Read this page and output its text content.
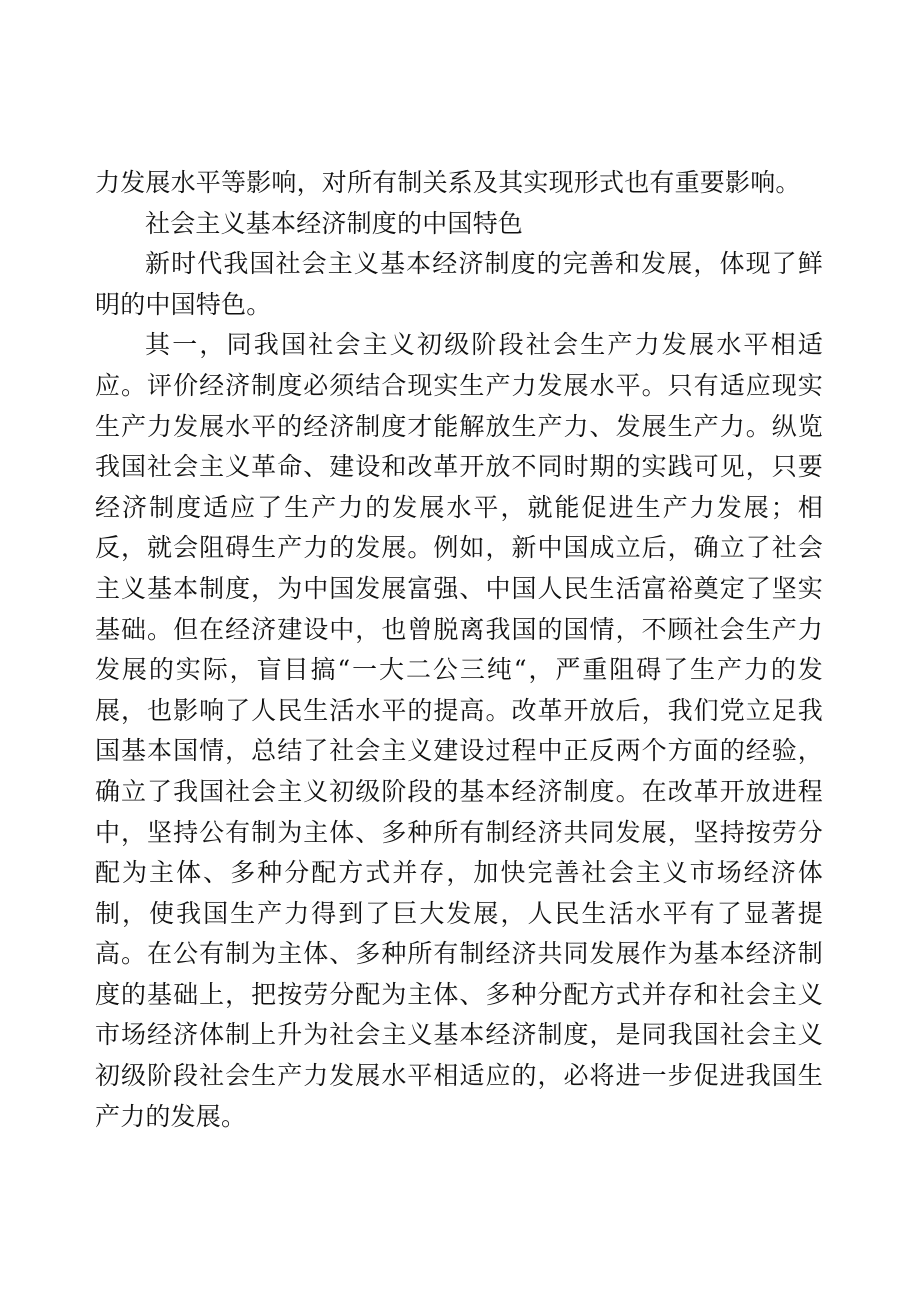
力发展水平等影响，对所有制关系及其实现形式也有重要影响。

社会主义基本经济制度的中国特色

新时代我国社会主义基本经济制度的完善和发展，体现了鲜明的中国特色。

其一，同我国社会主义初级阶段社会生产力发展水平相适应。评价经济制度必须结合现实生产力发展水平。只有适应现实生产力发展水平的经济制度才能解放生产力、发展生产力。纵览我国社会主义革命、建设和改革开放不同时期的实践可见，只要经济制度适应了生产力的发展水平，就能促进生产力发展；相反，就会阻碍生产力的发展。例如，新中国成立后，确立了社会主义基本制度，为中国发展富强、中国人民生活富裕奠定了坚实基础。但在经济建设中，也曾脱离我国的国情，不顾社会生产力发展的实际，盲目搞“一大二公三纯“，严重阻碍了生产力的发展，也影响了人民生活水平的提高。改革开放后，我们党立足我国基本国情，总结了社会主义建设过程中正反两个方面的经验，确立了我国社会主义初级阶段的基本经济制度。在改革开放进程中，坚持公有制为主体、多种所有制经济共同发展，坚持按劳分配为主体、多种分配方式并存，加快完善社会主义市场经济体制，使我国生产力得到了巨大发展，人民生活水平有了显著提高。在公有制为主体、多种所有制经济共同发展作为基本经济制度的基础上，把按劳分配为主体、多种分配方式并存和社会主义市场经济体制上升为社会主义基本经济制度，是同我国社会主义初级阶段社会生产力发展水平相适应的，必将进一步促进我国生产力的发展。
